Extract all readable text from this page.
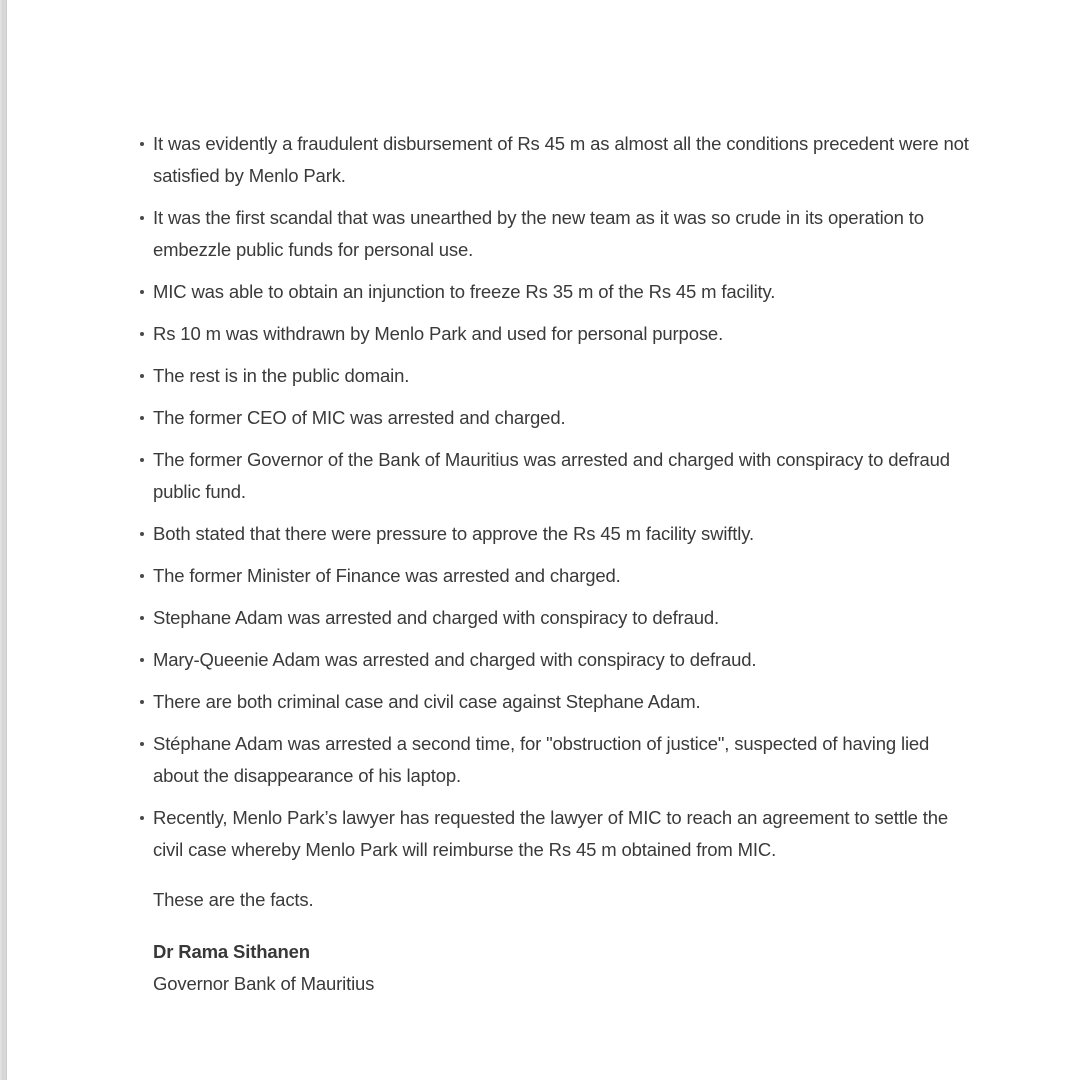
It was evidently a fraudulent disbursement of Rs 45 m as almost all the conditions precedent were not satisfied by Menlo Park.
It was the first scandal that was unearthed by the new team as it was so crude in its operation to embezzle public funds for personal use.
MIC was able to obtain an injunction to freeze Rs 35 m of the Rs 45 m facility.
Rs 10 m was withdrawn by Menlo Park and used for personal purpose.
The rest is in the public domain.
The former CEO of MIC was arrested and charged.
The former Governor of the Bank of Mauritius was arrested and charged with conspiracy to defraud public fund.
Both stated that there were pressure to approve the Rs 45 m facility swiftly.
The former Minister of Finance was arrested and charged.
Stephane Adam was arrested and charged with conspiracy to defraud.
Mary-Queenie Adam was arrested and charged with conspiracy to defraud.
There are both criminal case and civil case against Stephane Adam.
Stéphane Adam was arrested a second time, for "obstruction of justice", suspected of having lied about the disappearance of his laptop.
Recently, Menlo Park’s lawyer has requested the lawyer of MIC to reach an agreement to settle the civil case whereby Menlo Park will reimburse the Rs 45 m obtained from MIC.

These are the facts.

Dr Rama Sithanen

Governor Bank of Mauritius
